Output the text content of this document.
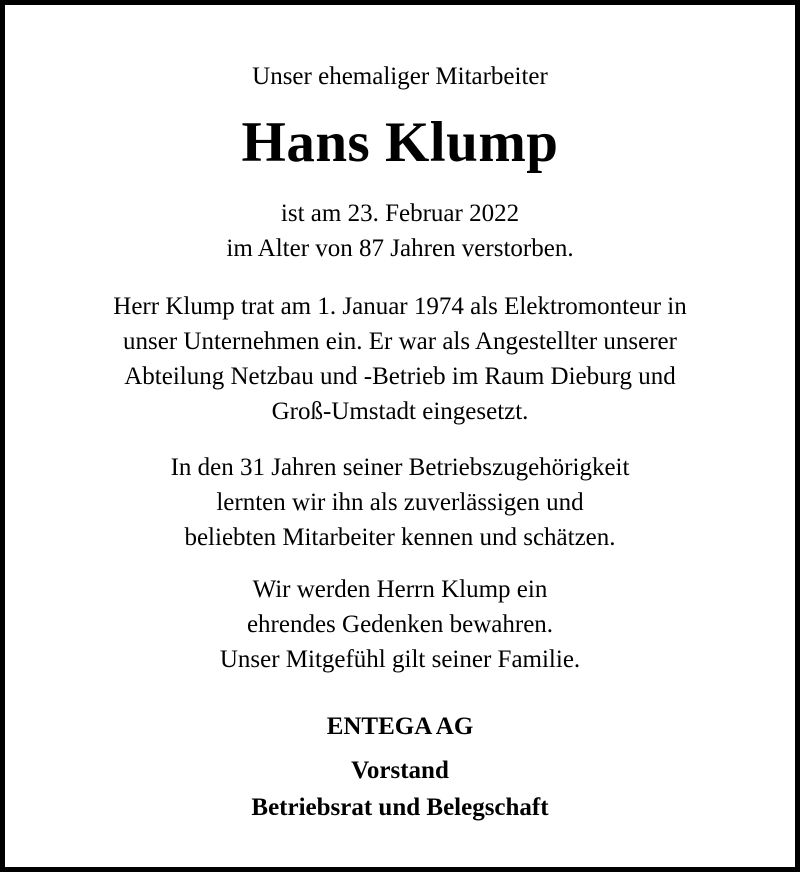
Unser ehemaliger Mitarbeiter
Hans Klump
ist am 23. Februar 2022
im Alter von 87 Jahren verstorben.
Herr Klump trat am 1. Januar 1974 als Elektromonteur in
unser Unternehmen ein. Er war als Angestellter unserer
Abteilung Netzbau und -Betrieb im Raum Dieburg und
Groß-Umstadt eingesetzt.
In den 31 Jahren seiner Betriebszugehörigkeit
lernten wir ihn als zuverlässigen und
beliebten Mitarbeiter kennen und schätzen.
Wir werden Herrn Klump ein
ehrendes Gedenken bewahren.
Unser Mitgefühl gilt seiner Familie.
ENTEGA AG
Vorstand
Betriebsrat und Belegschaft
